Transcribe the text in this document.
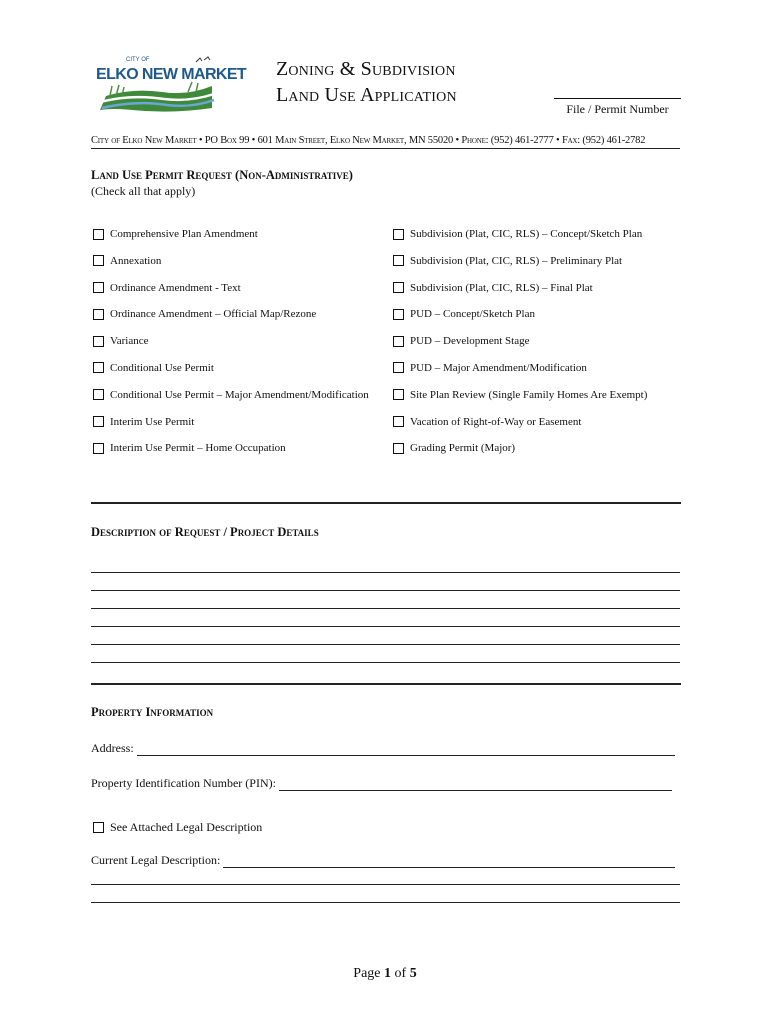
CITY OF
ELKO NEW MARKET Zoning & Subdivision
Land Use Application
File / Permit Number
City of Elko New Market • PO Box 99 • 601 Main Street, Elko New Market, MN 55020 • Phone: (952) 461-2777 • Fax: (952) 461-2782
Land Use Permit Request (Non-Administrative)
(Check all that apply)
Comprehensive Plan Amendment
Annexation
Ordinance Amendment - Text
Ordinance Amendment – Official Map/Rezone
Variance
Conditional Use Permit
Conditional Use Permit – Major Amendment/Modification
Interim Use Permit
Interim Use Permit – Home Occupation
Subdivision (Plat, CIC, RLS) – Concept/Sketch Plan
Subdivision (Plat, CIC, RLS) – Preliminary Plat
Subdivision (Plat, CIC, RLS) – Final Plat
PUD – Concept/Sketch Plan
PUD – Development Stage
PUD – Major Amendment/Modification
Site Plan Review (Single Family Homes Are Exempt)
Vacation of Right-of-Way or Easement
Grading Permit (Major)
Description of Request / Project Details
Property Information
Address:
Property Identification Number (PIN):
See Attached Legal Description
Current Legal Description:
Page 1 of 5
